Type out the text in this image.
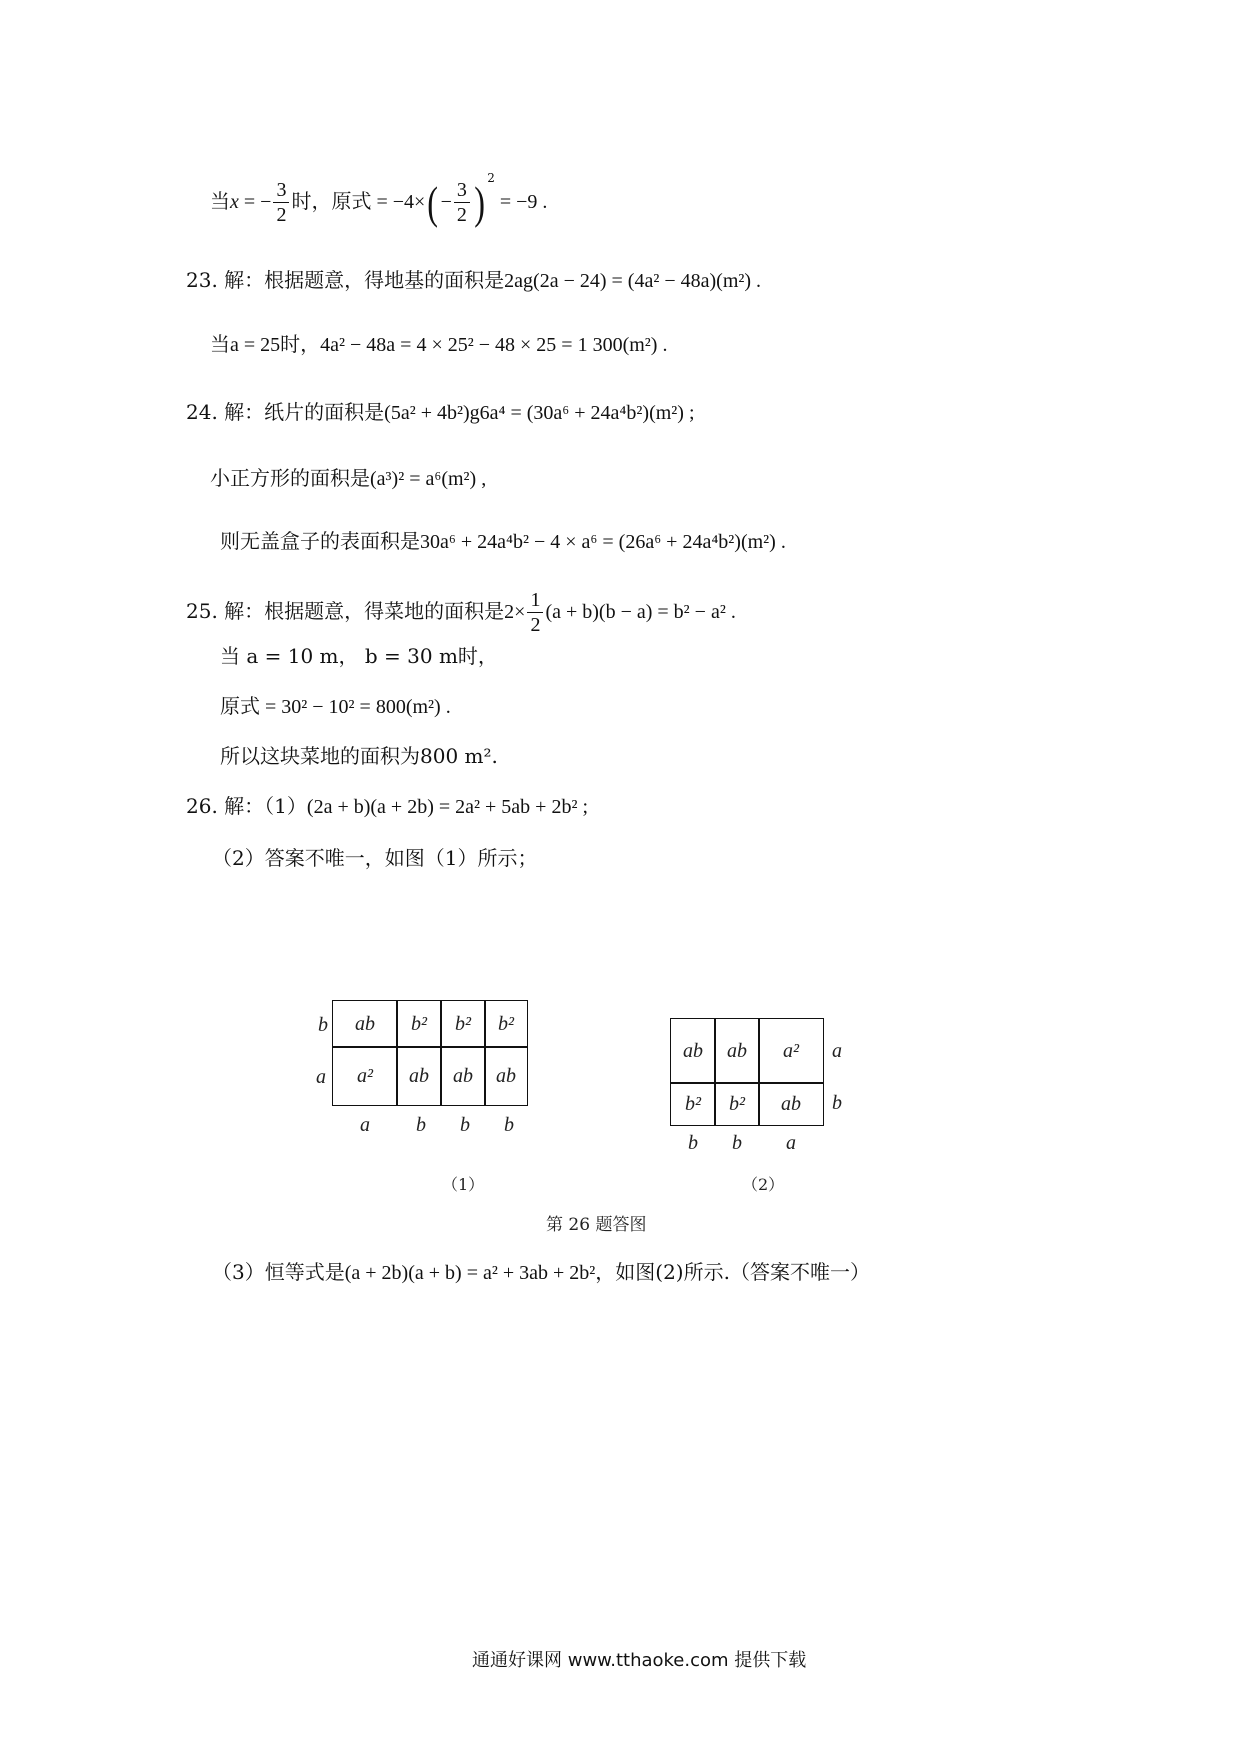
当x = − $\frac{3}{2}$ 时，原式 = $-4\times( - \frac{3}{2}$ ) $^2$ = −9 .
23. 解：根据题意，得地基的面积是2ag(2a − 24) = (4a² − 48a)(m²) .
当a = 25时，4a² − 48a = 4 × 25² − 48 × 25 = 1 300(m²) .
24. 解：纸片的面积是(5a² + 4b²)g6a⁴ = (30a⁶ + 24a⁴b²)(m²) ;
小正方形的面积是(a³)² = a⁶(m²) ,
则无盖盒子的表面积是30a⁶ + 24a⁴b² − 4 × a⁶ = (26a⁶ + 24a⁴b²)(m²) .
25. 解：根据题意，得菜地的面积是$2\times \frac{1}{2} (a + b)(b - a) = b^2 - a^2$ .
当 a = 10 m， b = 30 m时，
原式 = 30² − 10² = 800(m²) .
所以这块菜地的面积为800 m².
26. 解：（1）(2a + b)(a + 2b) = 2a² + 5ab + 2b² ;
（2）答案不唯一，如图（1）所示；
ab	b²	b²	b²
a²	ab	ab	ab
b
a
a b b b
（1）
ab	ab	a²
b²	b²	ab
a
b
b b a
（2）
第 26 题答图
（3）恒等式是(a + 2b)(a + b) = a² + 3ab + 2b²，如图(2)所示.（答案不唯一）
通通好课网 www.tthaoke.com 提供下载
